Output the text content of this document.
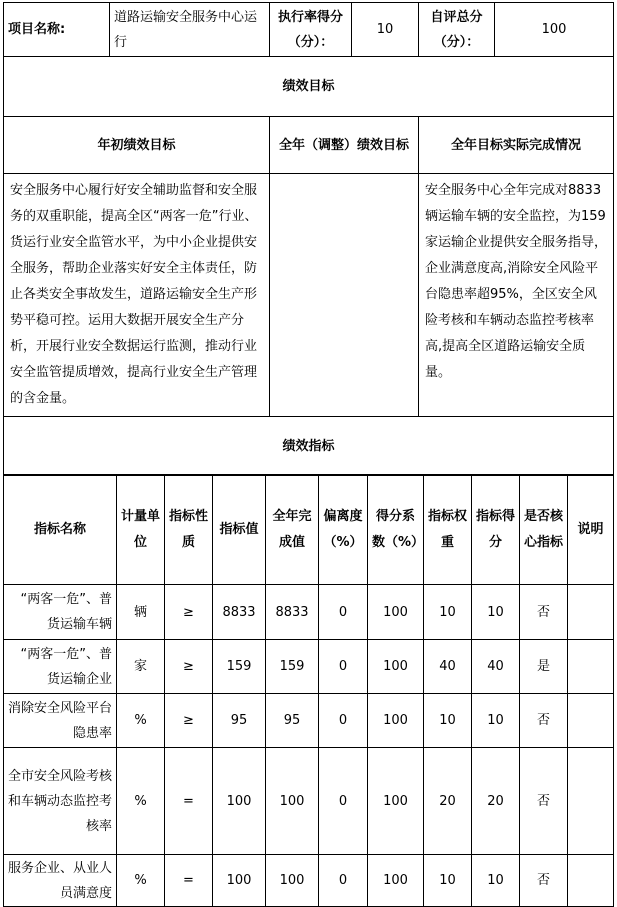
项目名称:	道路运输安全服务中心运行	执行率得分（分）：	10	自评总分（分）：	100
绩效目标					
年初绩效目标		全年（调整）绩效目标		全年目标实际完成情况	
安全服务中心履行好安全辅助监督和安全服务的双重职能，提高全区“两客一危”行业、货运行业安全监管水平，为中小企业提供安全服务，帮助企业落实好安全主体责任，防止各类安全事故发生，道路运输安全生产形势平稳可控。运用大数据开展安全生产分析，开展行业安全数据运行监测，推动行业安全监管提质增效，提高行业安全生产管理的含金量。				安全服务中心全年完成对8833辆运输车辆的安全监控，为159家运输企业提供安全服务指导，企业满意度高,消除安全风险平台隐患率超95%，全区安全风险考核和车辆动态监控考核率高,提高全区道路运输安全质量。	
绩效指标					
指标名称	计量单位	指标性质	指标值	全年完成值	偏离度（%）	得分系数（%）	指标权重	指标得分	是否核心指标	说明
“两客一危”、普货运输车辆	辆	≥	8833	8833	0	100	10	10	否	
“两客一危”、普货运输企业	家	≥	159	159	0	100	40	40	是	
消除安全风险平台隐患率	%	≥	95	95	0	100	10	10	否	
全市安全风险考核和车辆动态监控考核率	%	=	100	100	0	100	20	20	否	
服务企业、从业人员满意度	%	=	100	100	0	100	10	10	否	
